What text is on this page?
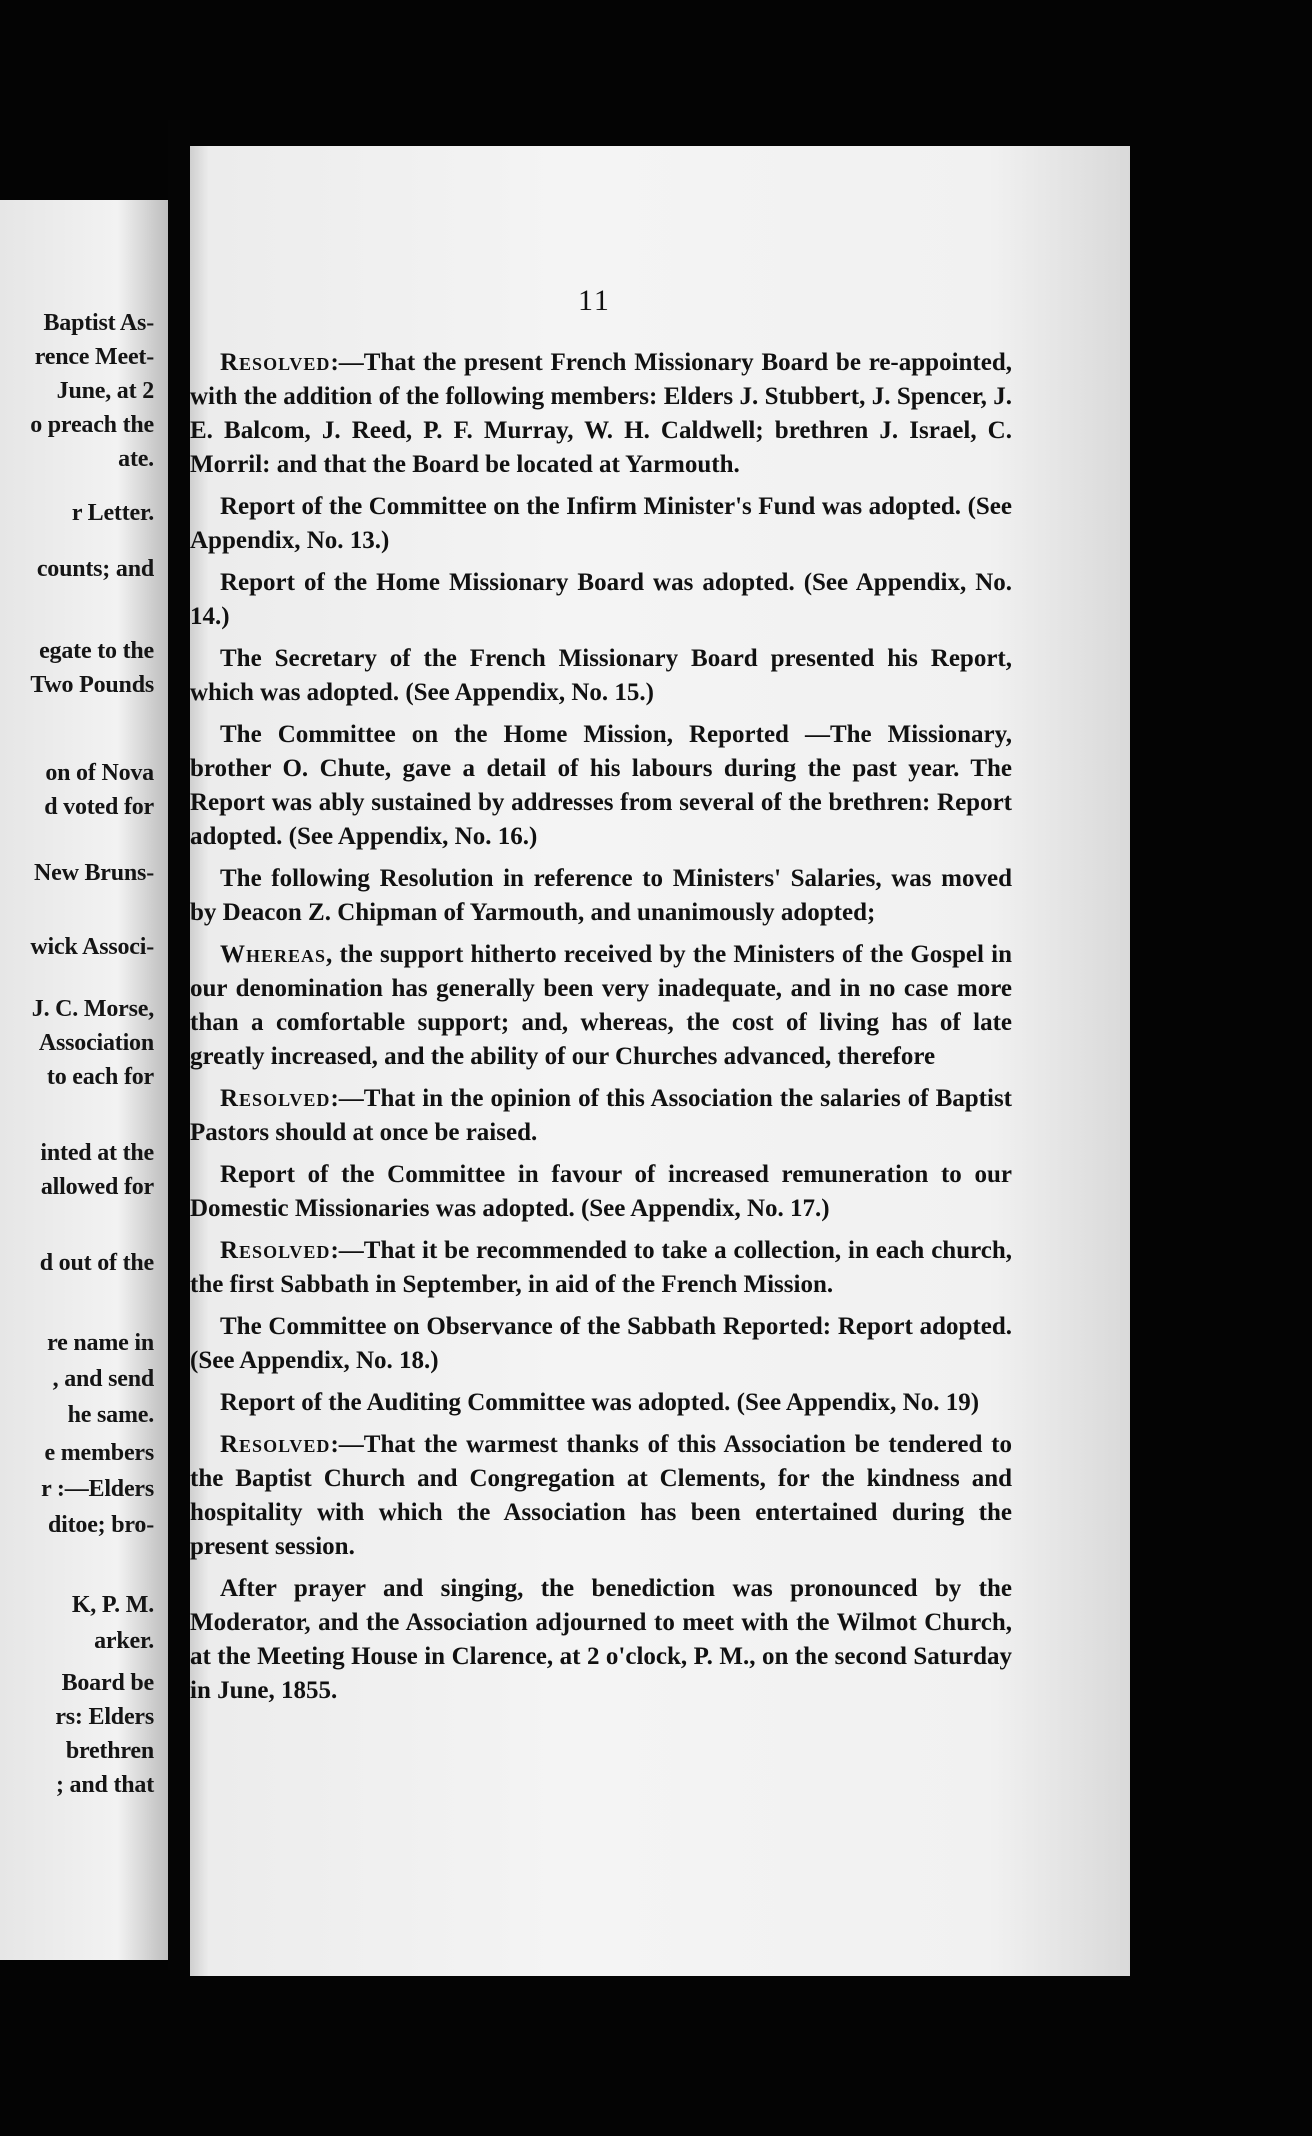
Baptist As-
rence Meet-
June, at 2
o preach the
ate.
r Letter.
counts; and
egate to the
Two Pounds
on of Nova
d voted for
New Bruns-
wick Associ-
J. C. Morse,
Association
to each for
inted at the
allowed for
d out of the
re name in
, and send
he same.
e members
r :—Elders
ditoe; bro-
K, P. M.
arker.
Board be
rs: Elders
brethren
; and that
11

Resolved:—That the present French Missionary Board be re-appointed, with the addition of the following members: Elders J. Stubbert, J. Spencer, J. E. Balcom, J. Reed, P. F. Murray, W. H. Caldwell; brethren J. Israel, C. Morril: and that the Board be located at Yarmouth.

Report of the Committee on the Infirm Minister's Fund was adopted. (See Appendix, No. 13.)

Report of the Home Missionary Board was adopted. (See Appendix, No. 14.)

The Secretary of the French Missionary Board presented his Report, which was adopted. (See Appendix, No. 15.)

The Committee on the Home Mission, Reported —The Missionary, brother O. Chute, gave a detail of his labours during the past year. The Report was ably sustained by addresses from several of the brethren: Report adopted. (See Appendix, No. 16.)

The following Resolution in reference to Ministers' Salaries, was moved by Deacon Z. Chipman of Yarmouth, and unanimously adopted;

Whereas, the support hitherto received by the Ministers of the Gospel in our denomination has generally been very inadequate, and in no case more than a comfortable support; and, whereas, the cost of living has of late greatly increased, and the ability of our Churches advanced, therefore

Resolved:—That in the opinion of this Association the salaries of Baptist Pastors should at once be raised.

Report of the Committee in favour of increased remuneration to our Domestic Missionaries was adopted. (See Appendix, No. 17.)

Resolved:—That it be recommended to take a collection, in each church, the first Sabbath in September, in aid of the French Mission.

The Committee on Observance of the Sabbath Reported: Report adopted. (See Appendix, No. 18.)

Report of the Auditing Committee was adopted. (See Appendix, No. 19)

Resolved:—That the warmest thanks of this Association be tendered to the Baptist Church and Congregation at Clements, for the kindness and hospitality with which the Association has been entertained during the present session.

After prayer and singing, the benediction was pronounced by the Moderator, and the Association adjourned to meet with the Wilmot Church, at the Meeting House in Clarence, at 2 o'clock, P. M., on the second Saturday in June, 1855.
